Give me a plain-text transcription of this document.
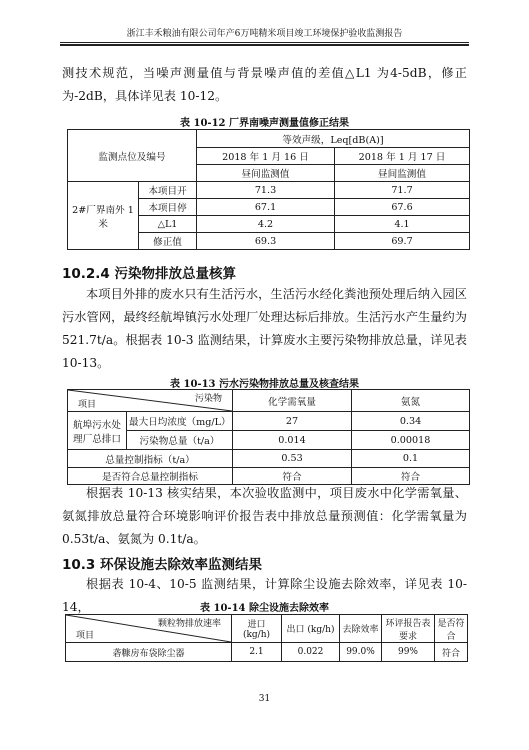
浙江丰禾粮油有限公司年产6万吨精米项目竣工环境保护验收监测报告
测技术规范，当噪声测量值与背景噪声值的差值△L1 为4-5dB，修正为-2dB，具体详见表 10-12。
表 10-12 厂界南噪声测量值修正结果
监测点位及编号		等效声级，Leq[dB(A)]	
		2018 年 1 月 16 日	2018 年 1 月 17 日
		昼间监测值	昼间监测值
2#厂界南外 1 米	本项目开	71.3	71.7
	本项目停	67.1	67.6
	△L1	4.2	4.1
	修正值	69.3	69.7
10.2.4 污染物排放总量核算
本项目外排的废水只有生活污水，生活污水经化粪池预处理后纳入园区污水管网，最终经航埠镇污水处理厂处理达标后排放。生活污水产生量约为 521.7t/a。根据表 10-3 监测结果，计算废水主要污染物排放总量，详见表 10-13。
表 10-13 污水污染物排放总量及核查结果
污染物
项目		化学需氧量	氨氮
航埠污水处理厂总排口	最大日均浓度（mg/L）	27	0.34
	污染物总量（t/a）	0.014	0.00018
总量控制指标（t/a）		0.53	0.1
是否符合总量控制指标		符合	符合
根据表 10-13 核实结果，本次验收监测中，项目废水中化学需氧量、氨氮排放总量符合环境影响评价报告表中排放总量预测值：化学需氧量为 0.53t/a、氨氮为 0.1t/a。
10.3 环保设施去除效率监测结果
根据表 10-4、10-5 监测结果，计算除尘设施去除效率，详见表 10-14，	表 10-14 除尘设施去除效率
颗粒物排放速率
项目	进口 (kg/h)	出口 (kg/h)	去除效率	环评报告表要求	是否符合
砻糠房布袋除尘器	2.1	0.022	99.0%	99%	符合
31
